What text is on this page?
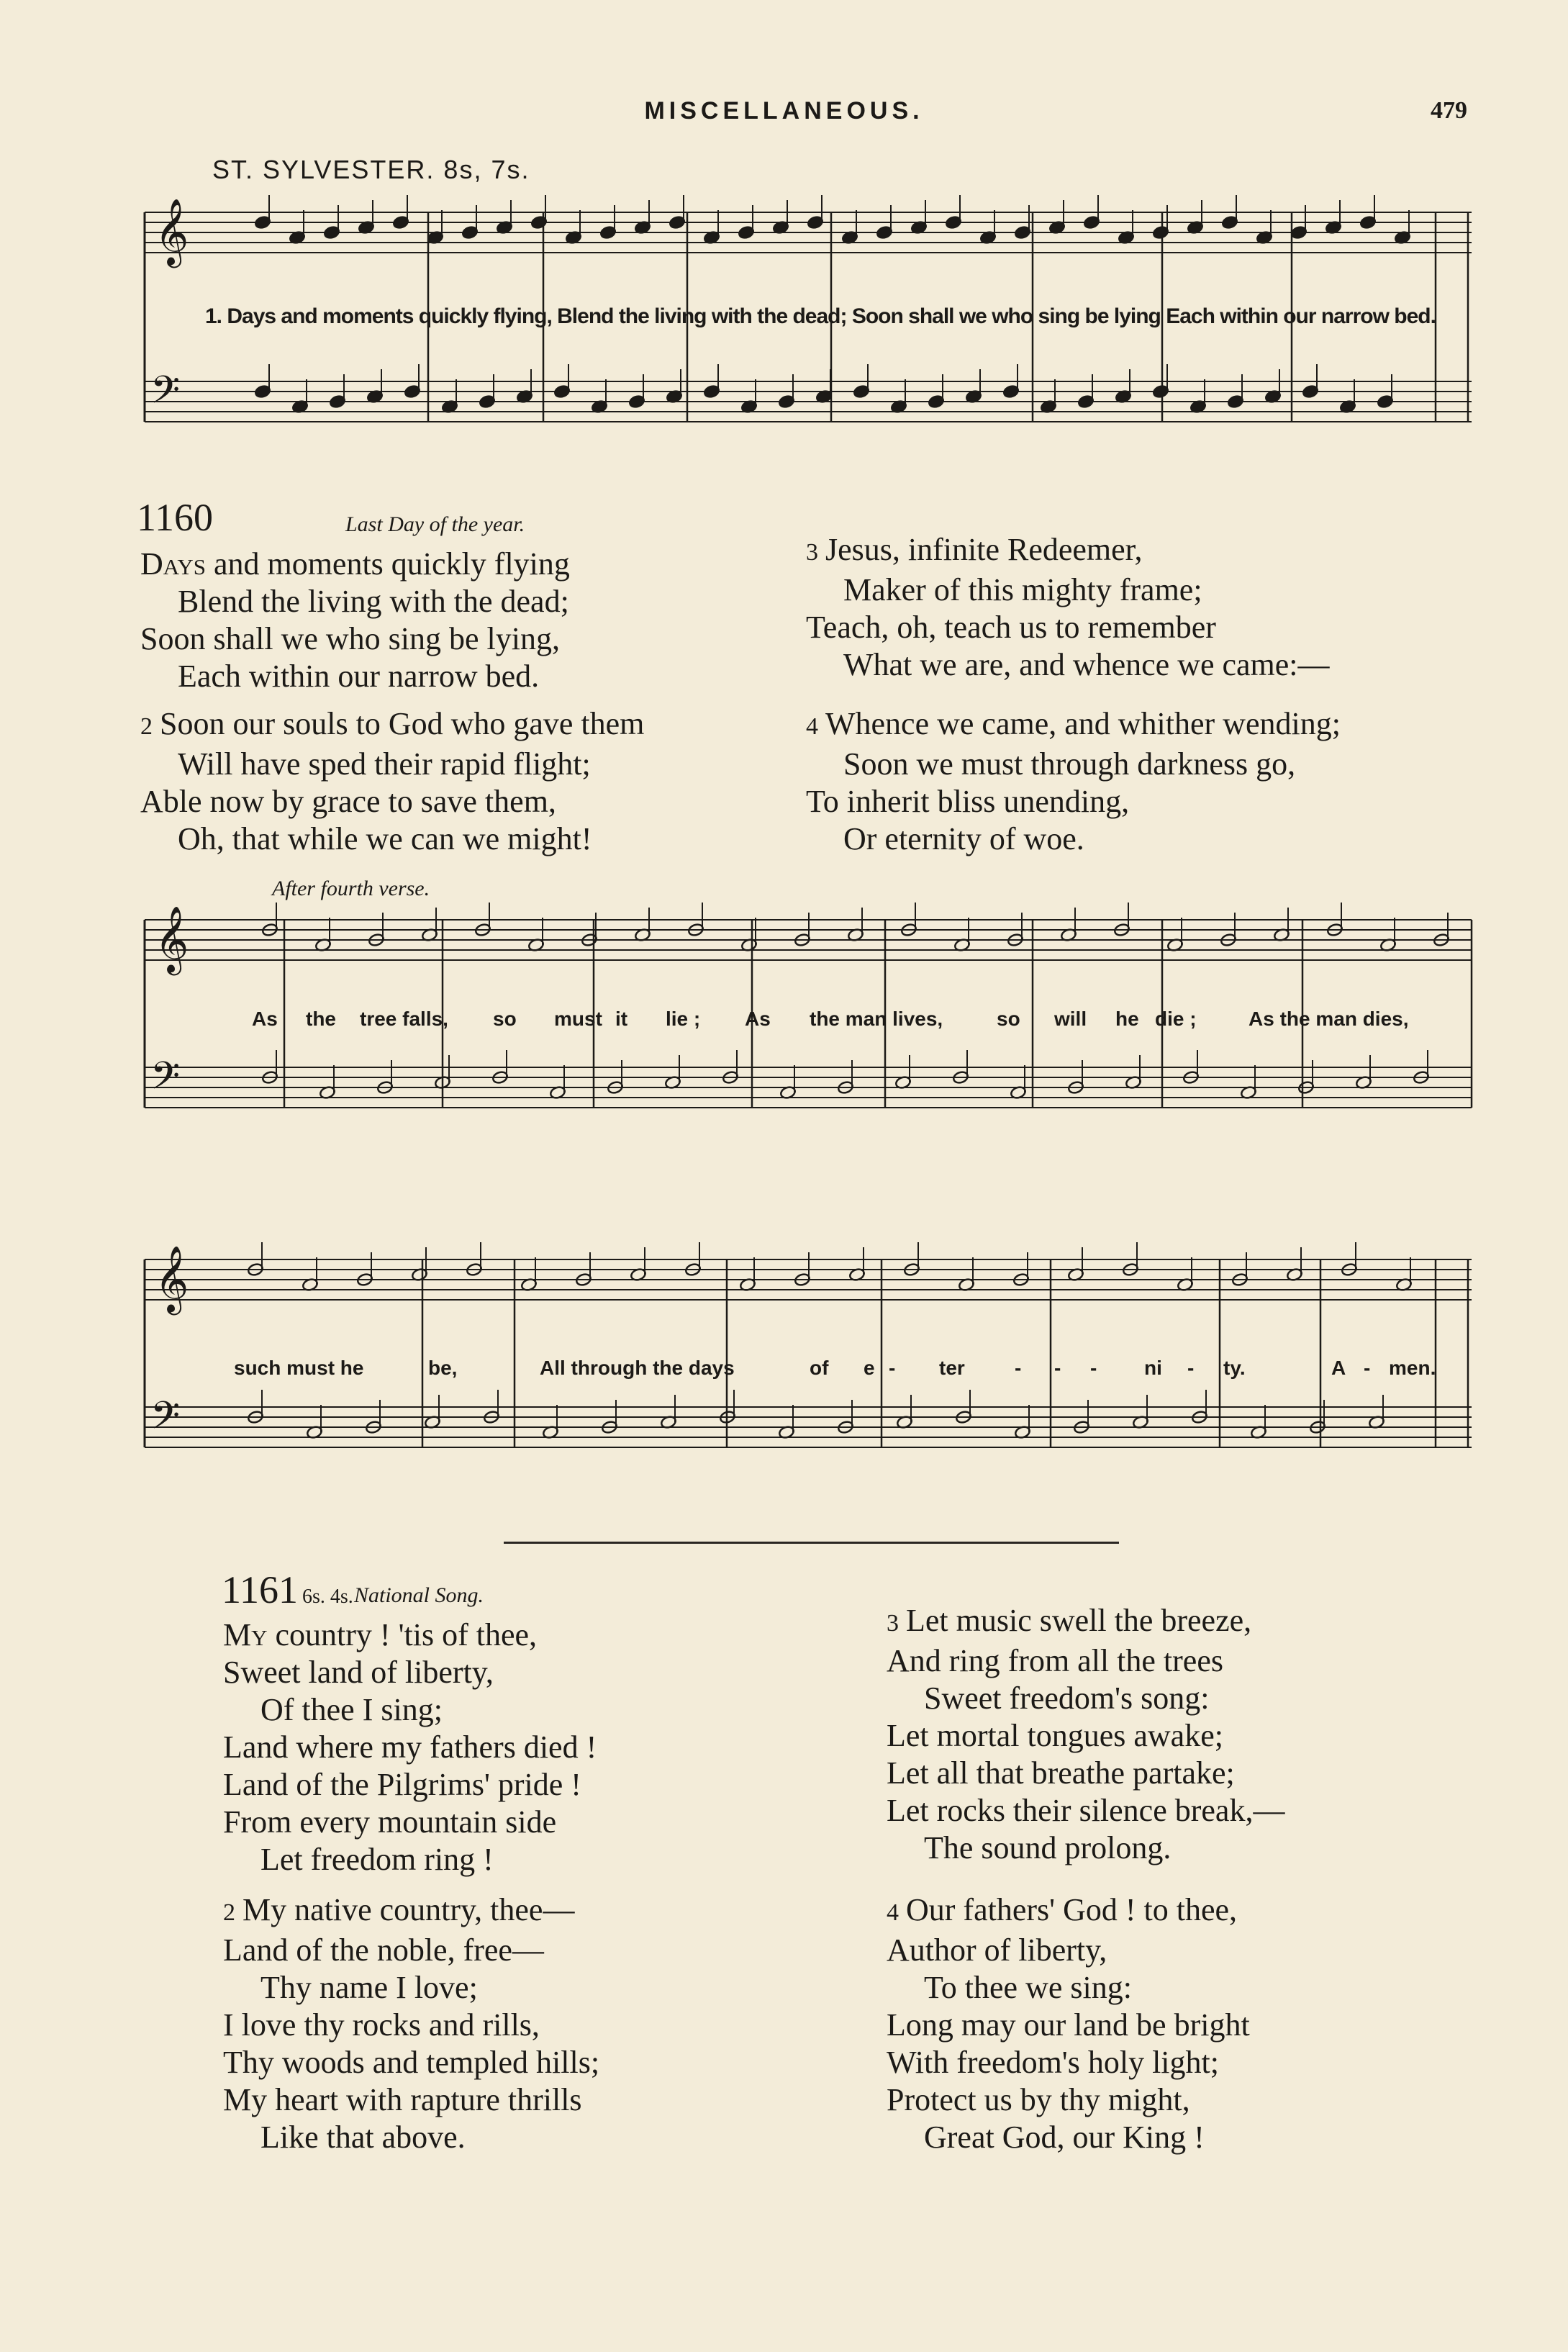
MISCELLANEOUS.	479
ST. SYLVESTER. 8s, 7s.
𝄞
𝄢
1. Days and moments quickly flying, Blend the living with the dead; Soon shall we who sing be lying Each within our narrow bed.
1160	Last Day of the year.
Days and moments quickly flying
Blend the living with the dead;
Soon shall we who sing be lying,
Each within our narrow bed.
2 Soon our souls to God who gave them
Will have sped their rapid flight;
Able now by grace to save them,
Oh, that while we can we might!
3 Jesus, infinite Redeemer,
Maker of this mighty frame;
Teach, oh, teach us to remember
What we are, and whence we came:—
4 Whence we came, and whither wending;
Soon we must through darkness go,
To inherit bliss unending,
Or eternity of woe.
After fourth verse.
𝄞
𝄢
As the tree falls, so must it lie ; As the man lives,	so will he die ;	As the man dies,
𝄞
𝄢
such must he	be,	All through the days	of e - ter - - - ni - ty.	A - men.
1161 6s. 4s. National Song.
My country ! 'tis of thee,
Sweet land of liberty,
Of thee I sing;
Land where my fathers died !
Land of the Pilgrims' pride !
From every mountain side
Let freedom ring !
2 My native country, thee—
Land of the noble, free—
Thy name I love;
I love thy rocks and rills,
Thy woods and templed hills;
My heart with rapture thrills
Like that above.
3 Let music swell the breeze,
And ring from all the trees
Sweet freedom's song:
Let mortal tongues awake;
Let all that breathe partake;
Let rocks their silence break,—
The sound prolong.
4 Our fathers' God ! to thee,
Author of liberty,
To thee we sing:
Long may our land be bright
With freedom's holy light;
Protect us by thy might,
Great God, our King !
